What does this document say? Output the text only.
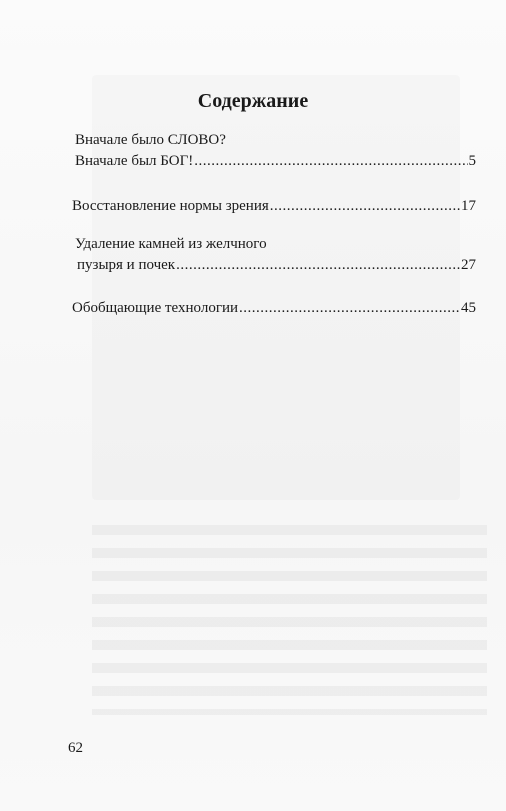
Содержание
Вначале было СЛОВО?
Вначале был БОГ! .....	5
Восстановление нормы зрения .....	17
Удаление камней из желчного
пузыря и почек .....	27
Обобщающие технологии .....	45
62
